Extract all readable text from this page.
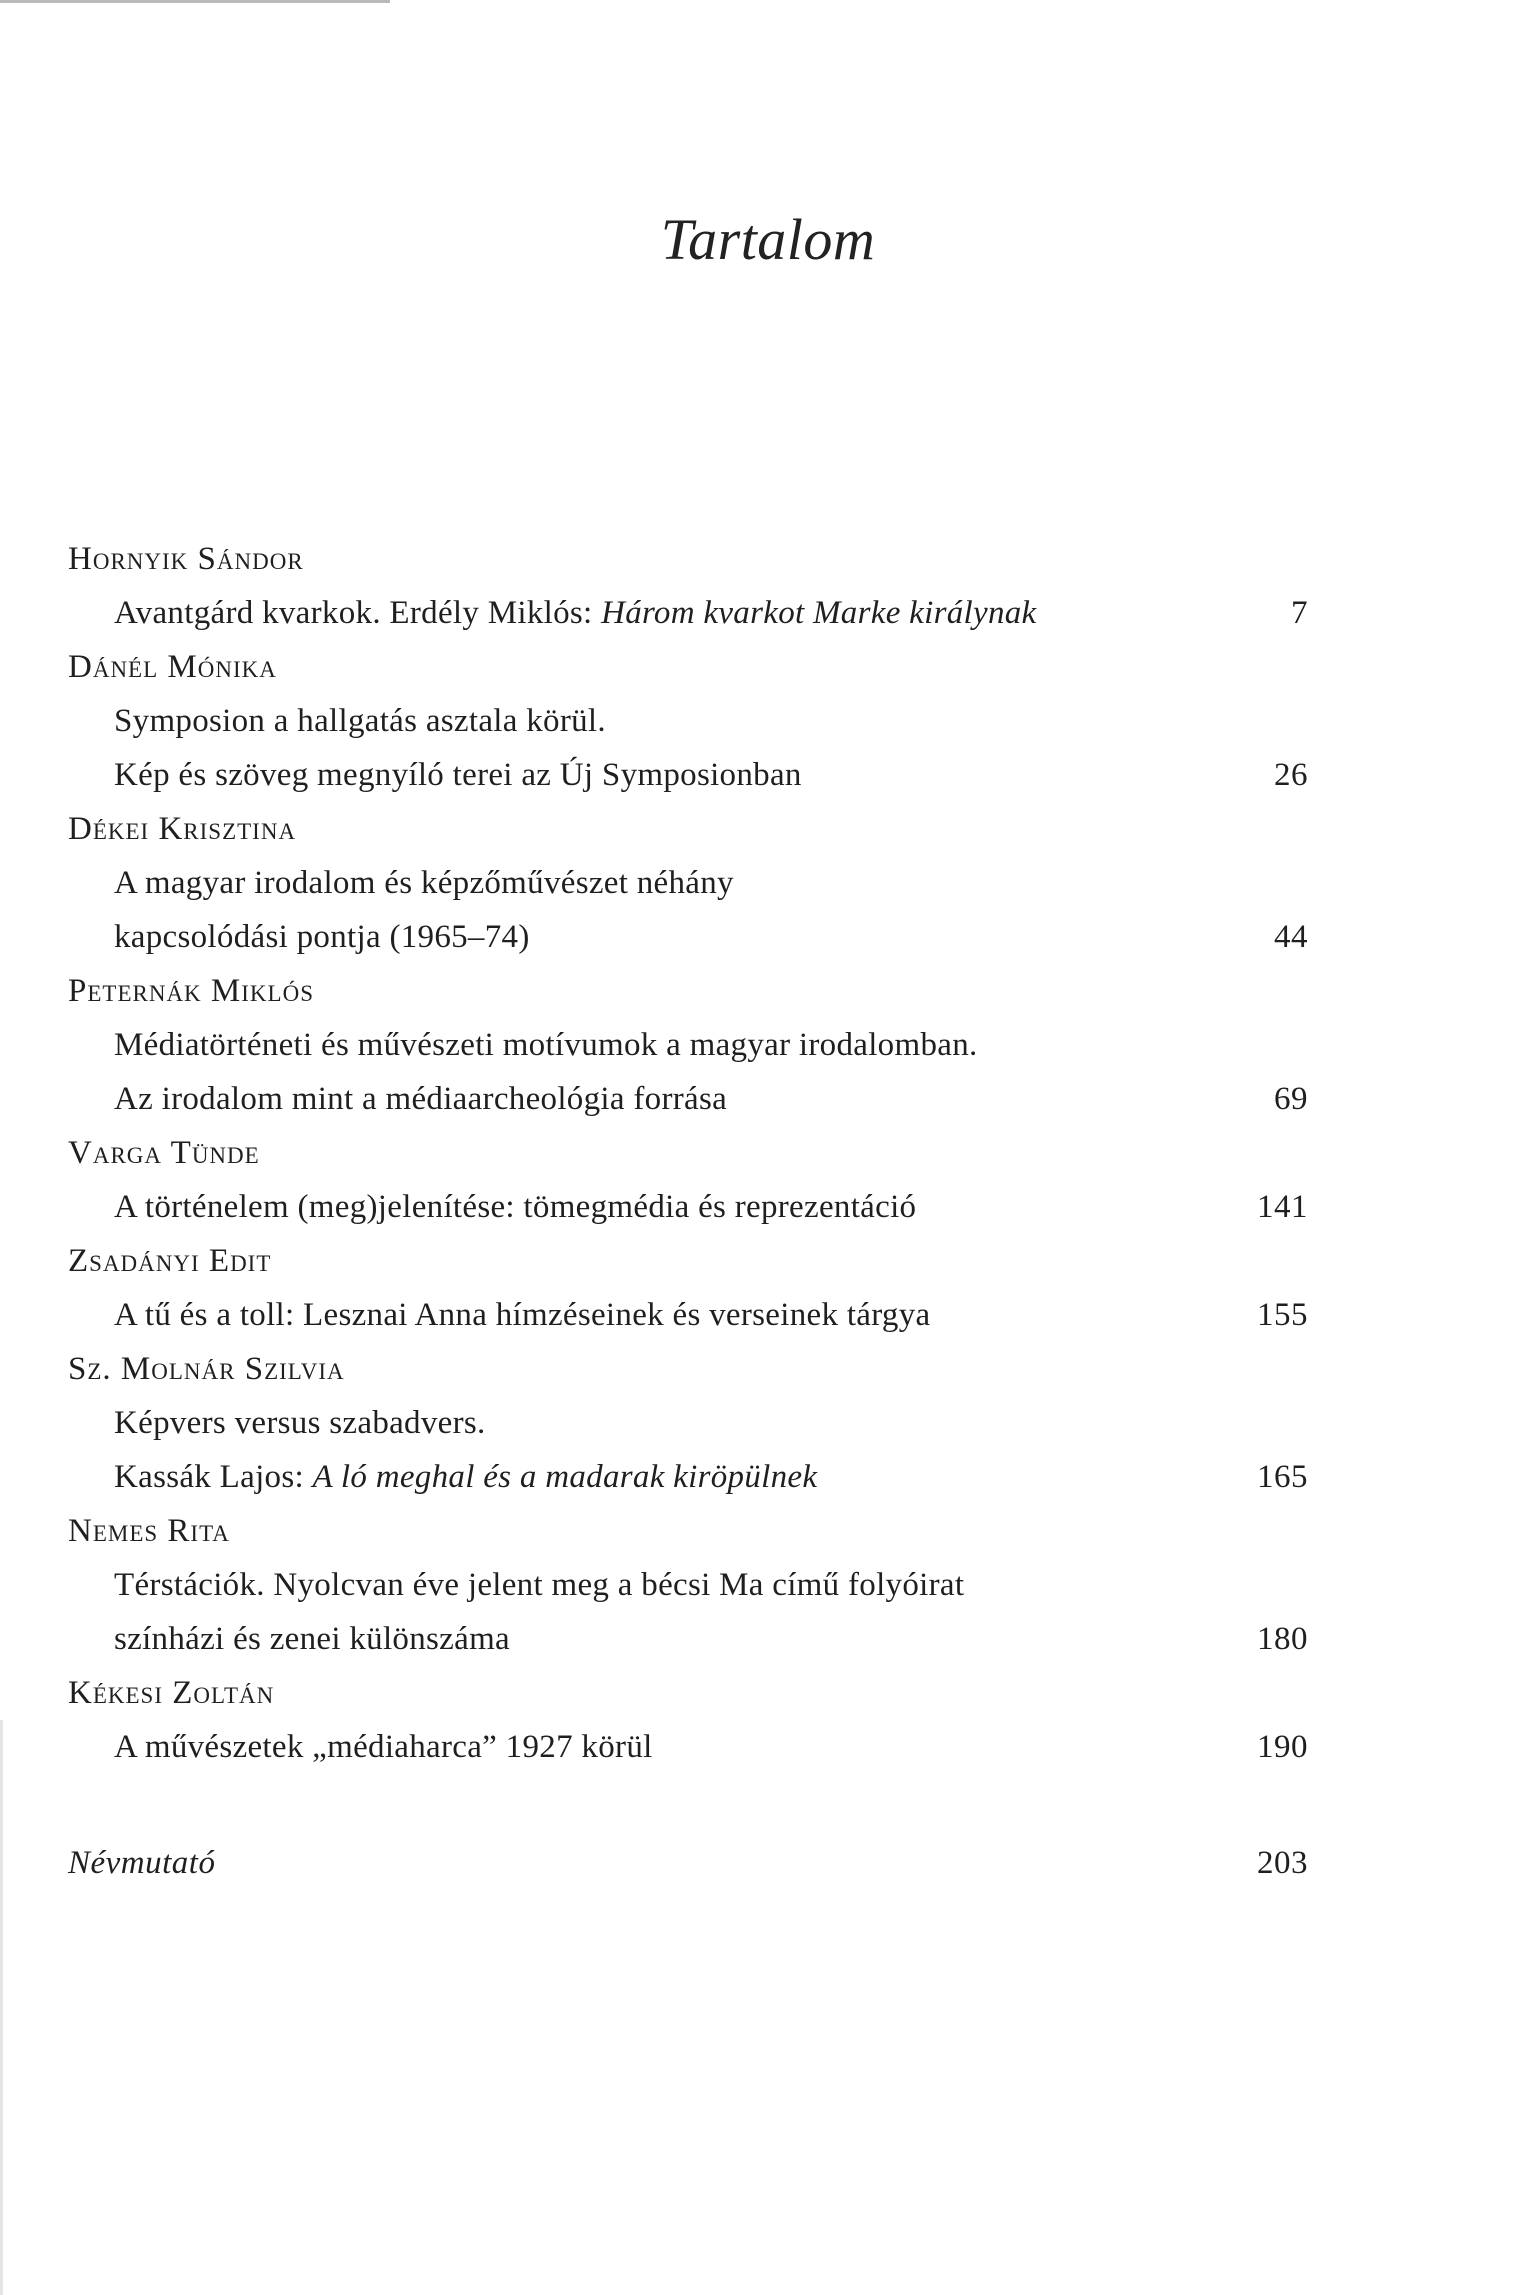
Tartalom
Hornyik Sándor
Avantgárd kvarkok. Erdély Miklós: Három kvarkot Marke királynak	7
Dánél Mónika
Symposion a hallgatás asztala körül.
Kép és szöveg megnyíló terei az Új Symposionban	26
Dékei Krisztina
A magyar irodalom és képzőművészet néhány
kapcsolódási pontja (1965–74)	44
Peternák Miklós
Médiatörténeti és művészeti motívumok a magyar irodalomban.
Az irodalom mint a médiaarcheológia forrása	69
Varga Tünde
A történelem (meg)jelenítése: tömegmédia és reprezentáció	141
Zsadányi Edit
A tű és a toll: Lesznai Anna hímzéseinek és verseinek tárgya	155
Sz. Molnár Szilvia
Képvers versus szabadvers.
Kassák Lajos: A ló meghal és a madarak kiröpülnek	165
Nemes Rita
Térstációk. Nyolcvan éve jelent meg a bécsi Ma című folyóirat
színházi és zenei különszáma	180
Kékesi Zoltán
A művészetek „médiaharca” 1927 körül	190
Névmutató	203
